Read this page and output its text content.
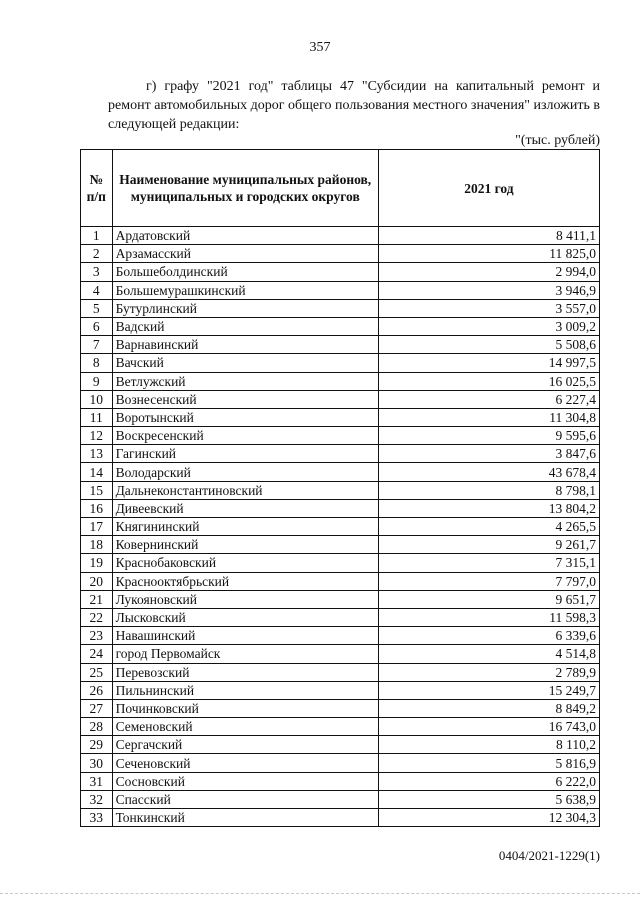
357

г) графу "2021 год" таблицы 47 "Субсидии на капитальный ремонт и ремонт автомобильных дорог общего пользования местного значения" изложить в следующей редакции:

"(тыс. рублей)
№ п/п	Наименование муниципальных районов, муниципальных и городских округов	2021 год
1	Ардатовский	8 411,1
2	Арзамасский	11 825,0
3	Большеболдинский	2 994,0
4	Большемурашкинский	3 946,9
5	Бутурлинский	3 557,0
6	Вадский	3 009,2
7	Варнавинский	5 508,6
8	Вачский	14 997,5
9	Ветлужский	16 025,5
10	Вознесенский	6 227,4
11	Воротынский	11 304,8
12	Воскресенский	9 595,6
13	Гагинский	3 847,6
14	Володарский	43 678,4
15	Дальнеконстантиновский	8 798,1
16	Дивеевский	13 804,2
17	Княгининский	4 265,5
18	Ковернинский	9 261,7
19	Краснобаковский	7 315,1
20	Краснооктябрьский	7 797,0
21	Лукояновский	9 651,7
22	Лысковский	11 598,3
23	Навашинский	6 339,6
24	город Первомайск	4 514,8
25	Перевозский	2 789,9
26	Пильнинский	15 249,7
27	Починковский	8 849,2
28	Семеновский	16 743,0
29	Сергачский	8 110,2
30	Сеченовский	5 816,9
31	Сосновский	6 222,0
32	Спасский	5 638,9
33	Тонкинский	12 304,3
0404/2021-1229(1)
